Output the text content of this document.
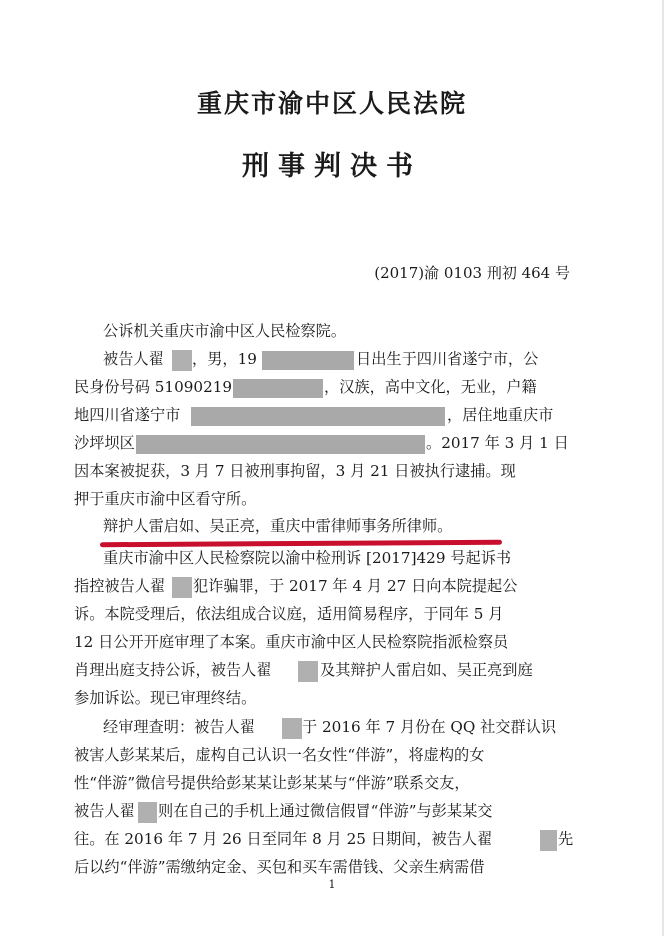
重庆市渝中区人民法院
刑事判决书
(2017)渝 0103 刑初 464 号
公诉机关重庆市渝中区人民检察院。
被告人翟 ，男，19	日出生于四川省遂宁市，公
民身份号码 51090219	，汉族，高中文化，无业，户籍
地四川省遂宁市	，居住地重庆市
沙坪坝区	。2017 年 3 月 1 日
因本案被捉获，3 月 7 日被刑事拘留，3 月 21 日被执行逮捕。现
押于重庆市渝中区看守所。
辩护人雷启如、吴正亮，重庆中雷律师事务所律师。
重庆市渝中区人民检察院以渝中检刑诉 [2017]429 号起诉书
指控被告人翟 犯诈骗罪，于 2017 年 4 月 27 日向本院提起公
诉。本院受理后，依法组成合议庭，适用简易程序，于同年 5 月
12 日公开开庭审理了本案。重庆市渝中区人民检察院指派检察员
肖理出庭支持公诉，被告人翟	及其辩护人雷启如、吴正亮到庭
参加诉讼。现已审理终结。
经审理查明：被告人翟	于 2016 年 7 月份在 QQ 社交群认识
被害人彭某某后，虚构自己认识一名女性“伴游”，将虚构的女
性“伴游”微信号提供给彭某某让彭某某与“伴游”联系交友，
被告人翟 则在自己的手机上通过微信假冒“伴游”与彭某某交
往。在 2016 年 7 月 26 日至同年 8 月 25 日期间，被告人翟	先
后以约“伴游”需缴纳定金、买包和买车需借钱、父亲生病需借
1
